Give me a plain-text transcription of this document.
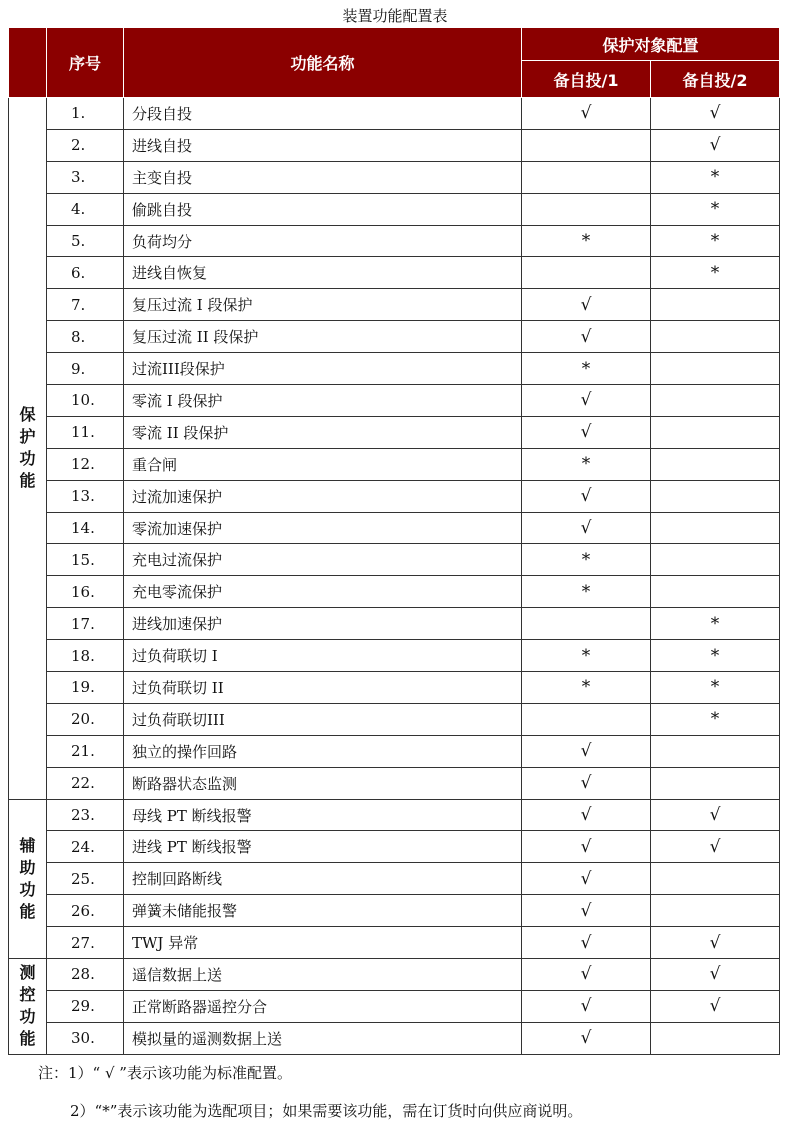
装置功能配置表
	序号	功能名称	保护对象配置	
			备自投/1	备自投/2

保
护
功
能	1.	分段自投	√	√
	2.	进线自投		√
	3.	主变自投		*
	4.	偷跳自投		*
	5.	负荷均分	*	*
	6.	进线自恢复		*
	7.	复压过流 I 段保护	√	
	8.	复压过流 II 段保护	√	
	9.	过流III段保护	*	
	10.	零流 I 段保护	√	
	11.	零流 II 段保护	√	
	12.	重合闸	*	
	13.	过流加速保护	√	
	14.	零流加速保护	√	
	15.	充电过流保护	*	
	16.	充电零流保护	*	
	17.	进线加速保护		*
	18.	过负荷联切 I	*	*
	19.	过负荷联切 II	*	*
	20.	过负荷联切III		*
	21.	独立的操作回路	√	
	22.	断路器状态监测	√	

辅
助
功
能	23.	母线 PT 断线报警	√	√
	24.	进线 PT 断线报警	√	√
	25.	控制回路断线	√	
	26.	弹簧未储能报警	√	
	27.	TWJ 异常	√	√

测
控
功
能	28.	遥信数据上送	√	√
	29.	正常断路器遥控分合	√	√
	30.	模拟量的遥测数据上送	√	
注：1）“ √ ”表示该功能为标准配置。
2）“*”表示该功能为选配项目；如果需要该功能，需在订货时向供应商说明。
